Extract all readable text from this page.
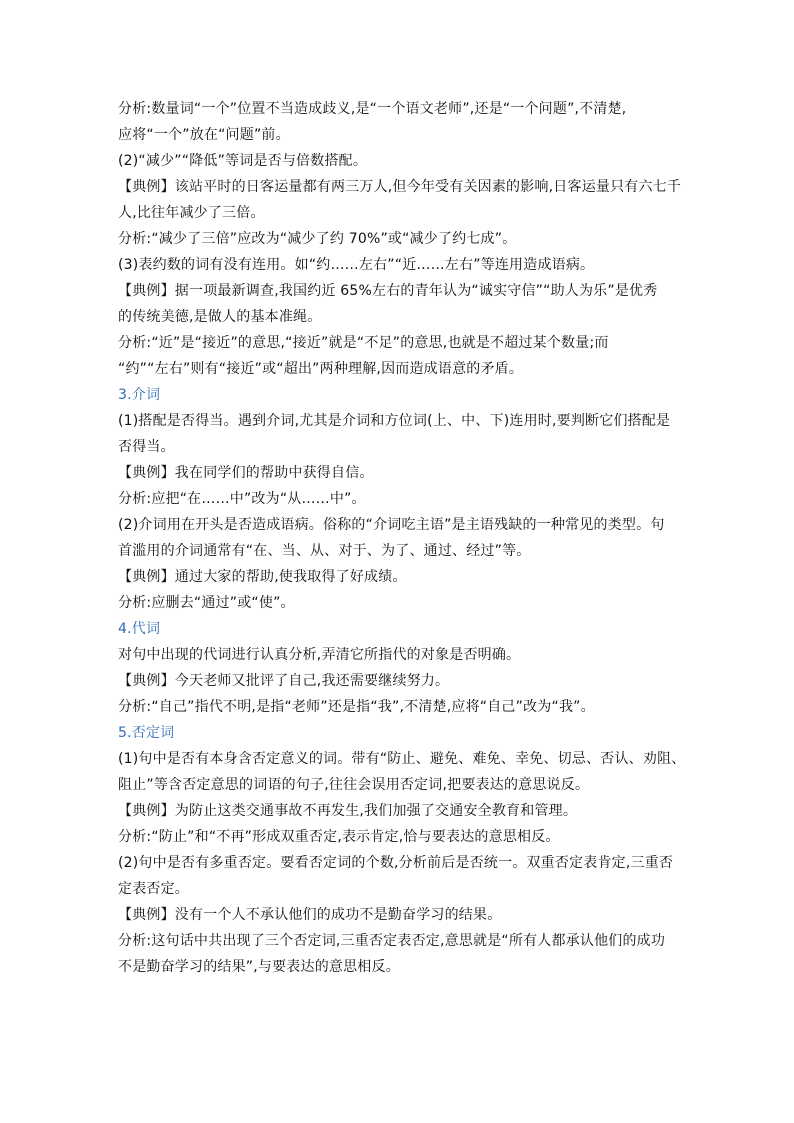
分析:数量词“一个”位置不当造成歧义,是“一个语文老师”,还是“一个问题”,不清楚,
应将“一个”放在“问题”前。
(2)“减少”“降低”等词是否与倍数搭配。
【典例】该站平时的日客运量都有两三万人,但今年受有关因素的影响,日客运量只有六七千
人,比往年减少了三倍。
分析:“减少了三倍”应改为“减少了约 70%”或“减少了约七成”。
(3)表约数的词有没有连用。如“约……左右”“近……左右”等连用造成语病。
【典例】据一项最新调查,我国约近 65%左右的青年认为“诚实守信”“助人为乐”是优秀
的传统美德,是做人的基本准绳。
分析:“近”是“接近”的意思,“接近”就是“不足”的意思,也就是不超过某个数量;而
“约”“左右”则有“接近”或“超出”两种理解,因而造成语意的矛盾。
3.介词
(1)搭配是否得当。遇到介词,尤其是介词和方位词(上、中、下)连用时,要判断它们搭配是
否得当。
【典例】我在同学们的帮助中获得自信。
分析:应把“在……中”改为“从……中”。
(2)介词用在开头是否造成语病。俗称的“介词吃主语”是主语残缺的一种常见的类型。句
首滥用的介词通常有“在、当、从、对于、为了、通过、经过”等。
【典例】通过大家的帮助,使我取得了好成绩。
分析:应删去“通过”或“使”。
4.代词
对句中出现的代词进行认真分析,弄清它所指代的对象是否明确。
【典例】今天老师又批评了自己,我还需要继续努力。
分析:“自己”指代不明,是指“老师”还是指“我”,不清楚,应将“自己”改为“我”。
5.否定词
(1)句中是否有本身含否定意义的词。带有“防止、避免、难免、幸免、切忌、否认、劝阻、
阻止”等含否定意思的词语的句子,往往会误用否定词,把要表达的意思说反。
【典例】为防止这类交通事故不再发生,我们加强了交通安全教育和管理。
分析:“防止”和“不再”形成双重否定,表示肯定,恰与要表达的意思相反。
(2)句中是否有多重否定。要看否定词的个数,分析前后是否统一。双重否定表肯定,三重否
定表否定。
【典例】没有一个人不承认他们的成功不是勤奋学习的结果。
分析:这句话中共出现了三个否定词,三重否定表否定,意思就是“所有人都承认他们的成功
不是勤奋学习的结果”,与要表达的意思相反。
